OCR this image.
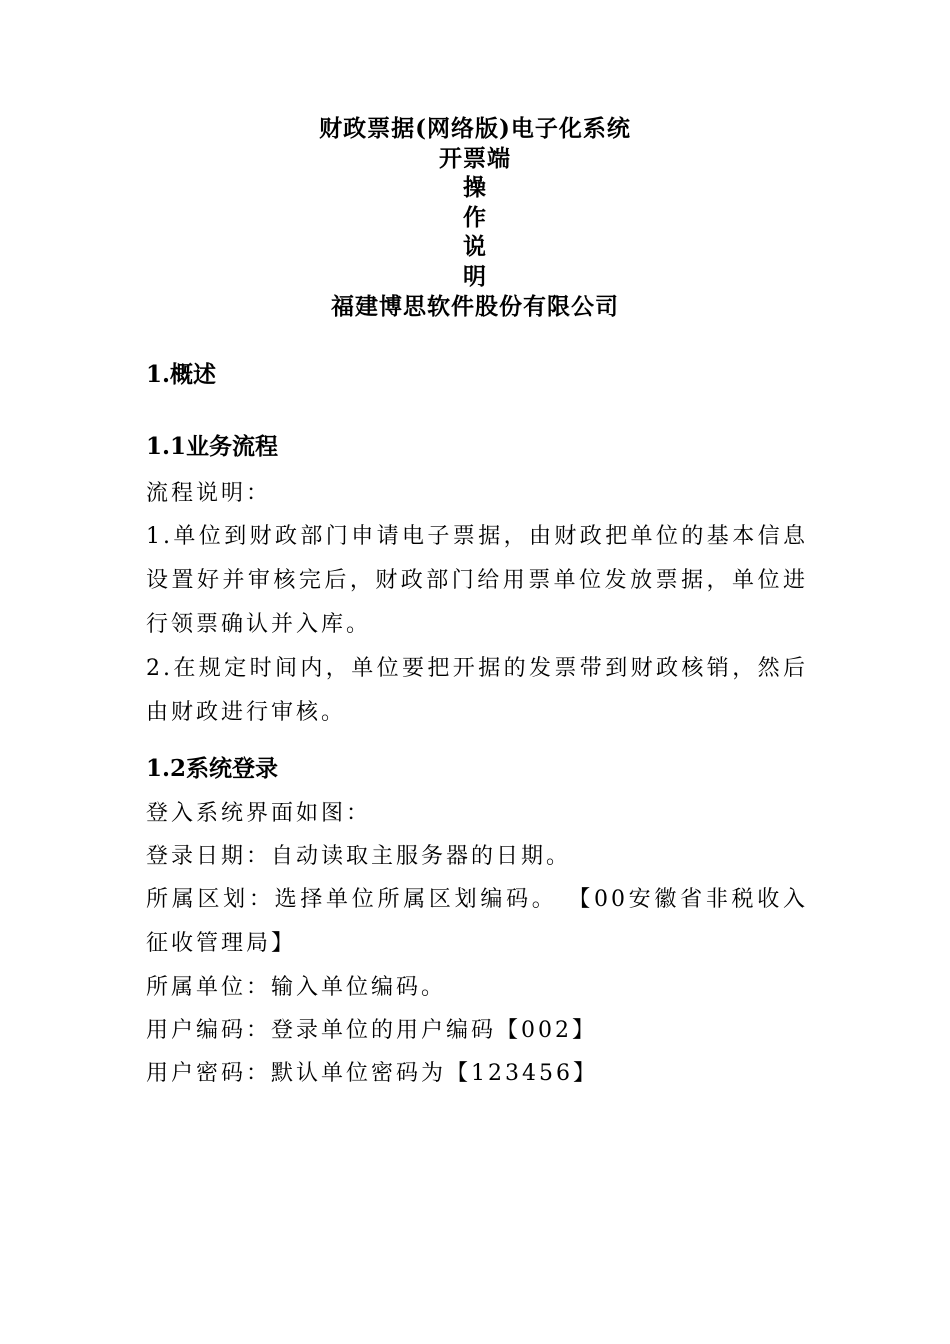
财政票据(网络版)电子化系统
开票端
操
作
说
明
福建博思软件股份有限公司
1.概述
1.1业务流程
流程说明：
1.单位到财政部门申请电子票据，由财政把单位的基本信息设置好并审核完后，财政部门给用票单位发放票据，单位进行领票确认并入库。
2.在规定时间内，单位要把开据的发票带到财政核销，然后由财政进行审核。
1.2系统登录
登入系统界面如图：
登录日期：自动读取主服务器的日期。
所属区划：选择单位所属区划编码。 【00安徽省非税收入征收管理局】
所属单位：输入单位编码。
用户编码：登录单位的用户编码【002】
用户密码：默认单位密码为【123456】
